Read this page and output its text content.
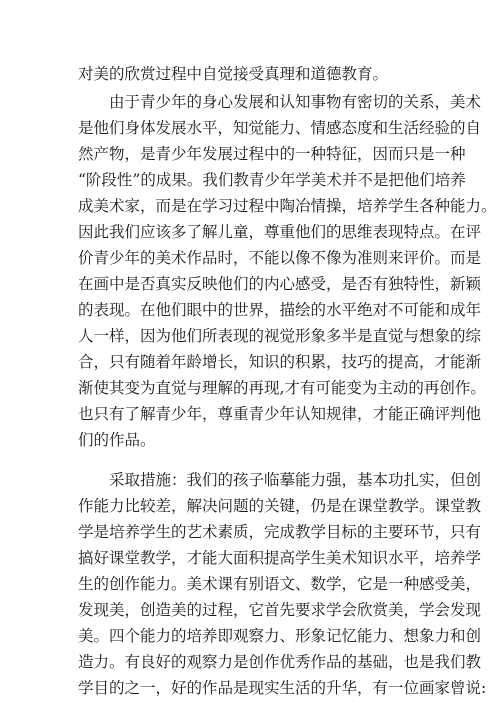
对美的欣赏过程中自觉接受真理和道德教育。
由于青少年的身心发展和认知事物有密切的关系，美术
是他们身体发展水平，知觉能力、情感态度和生活经验的自
然产物，是青少年发展过程中的一种特征，因而只是一种
“阶段性”的成果。我们教青少年学美术并不是把他们培养
成美术家，而是在学习过程中陶冶情操，培养学生各种能力。
因此我们应该多了解儿童，尊重他们的思维表现特点。在评
价青少年的美术作品时，不能以像不像为准则来评价。而是
在画中是否真实反映他们的内心感受，是否有独特性，新颖
的表现。在他们眼中的世界，描绘的水平绝对不可能和成年
人一样，因为他们所表现的视觉形象多半是直觉与想象的综
合，只有随着年龄增长，知识的积累，技巧的提高，才能渐
渐使其变为直觉与理解的再现,才有可能变为主动的再创作。
也只有了解青少年，尊重青少年认知规律，才能正确评判他
们的作品。
采取措施：我们的孩子临摹能力强，基本功扎实，但创
作能力比较差，解决问题的关键，仍是在课堂教学。课堂教
学是培养学生的艺术素质，完成教学目标的主要环节，只有
搞好课堂教学，才能大面积提高学生美术知识水平，培养学
生的创作能力。美术课有别语文、数学，它是一种感受美，
发现美，创造美的过程，它首先要求学会欣赏美，学会发现
美。四个能力的培养即观察力、形象记忆能力、想象力和创
造力。有良好的观察力是创作优秀作品的基础，也是我们教
学目的之一，好的作品是现实生活的升华，有一位画家曾说:
